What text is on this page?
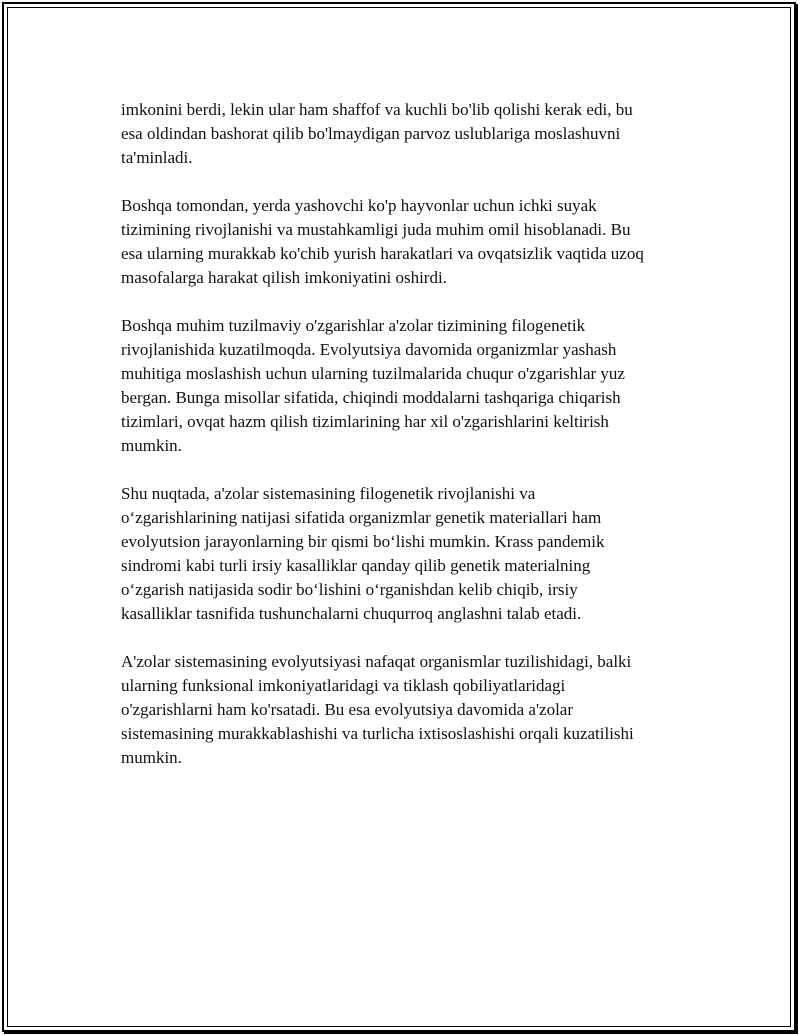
imkonini berdi, lekin ular ham shaffof va kuchli bo'lib qolishi kerak edi, bu
esa oldindan bashorat qilib bo'lmaydigan parvoz uslublariga moslashuvni
ta'minladi.

Boshqa tomondan, yerda yashovchi ko'p hayvonlar uchun ichki suyak
tizimining rivojlanishi va mustahkamligi juda muhim omil hisoblanadi. Bu
esa ularning murakkab ko'chib yurish harakatlari va ovqatsizlik vaqtida uzoq
masofalarga harakat qilish imkoniyatini oshirdi.

Boshqa muhim tuzilmaviy o'zgarishlar a'zolar tizimining filogenetik
rivojlanishida kuzatilmoqda. Evolyutsiya davomida organizmlar yashash
muhitiga moslashish uchun ularning tuzilmalarida chuqur o'zgarishlar yuz
bergan. Bunga misollar sifatida, chiqindi moddalarni tashqariga chiqarish
tizimlari, ovqat hazm qilish tizimlarining har xil o'zgarishlarini keltirish
mumkin.

Shu nuqtada, a'zolar sistemasining filogenetik rivojlanishi va
o‘zgarishlarining natijasi sifatida organizmlar genetik materiallari ham
evolyutsion jarayonlarning bir qismi bo‘lishi mumkin. Krass pandemik
sindromi kabi turli irsiy kasalliklar qanday qilib genetik materialning
o‘zgarish natijasida sodir bo‘lishini o‘rganishdan kelib chiqib, irsiy
kasalliklar tasnifida tushunchalarni chuqurroq anglashni talab etadi.

A'zolar sistemasining evolyutsiyasi nafaqat organismlar tuzilishidagi, balki
ularning funksional imkoniyatlaridagi va tiklash qobiliyatlaridagi
o'zgarishlarni ham ko'rsatadi. Bu esa evolyutsiya davomida a'zolar
sistemasining murakkablashishi va turlicha ixtisoslashishi orqali kuzatilishi
mumkin.
